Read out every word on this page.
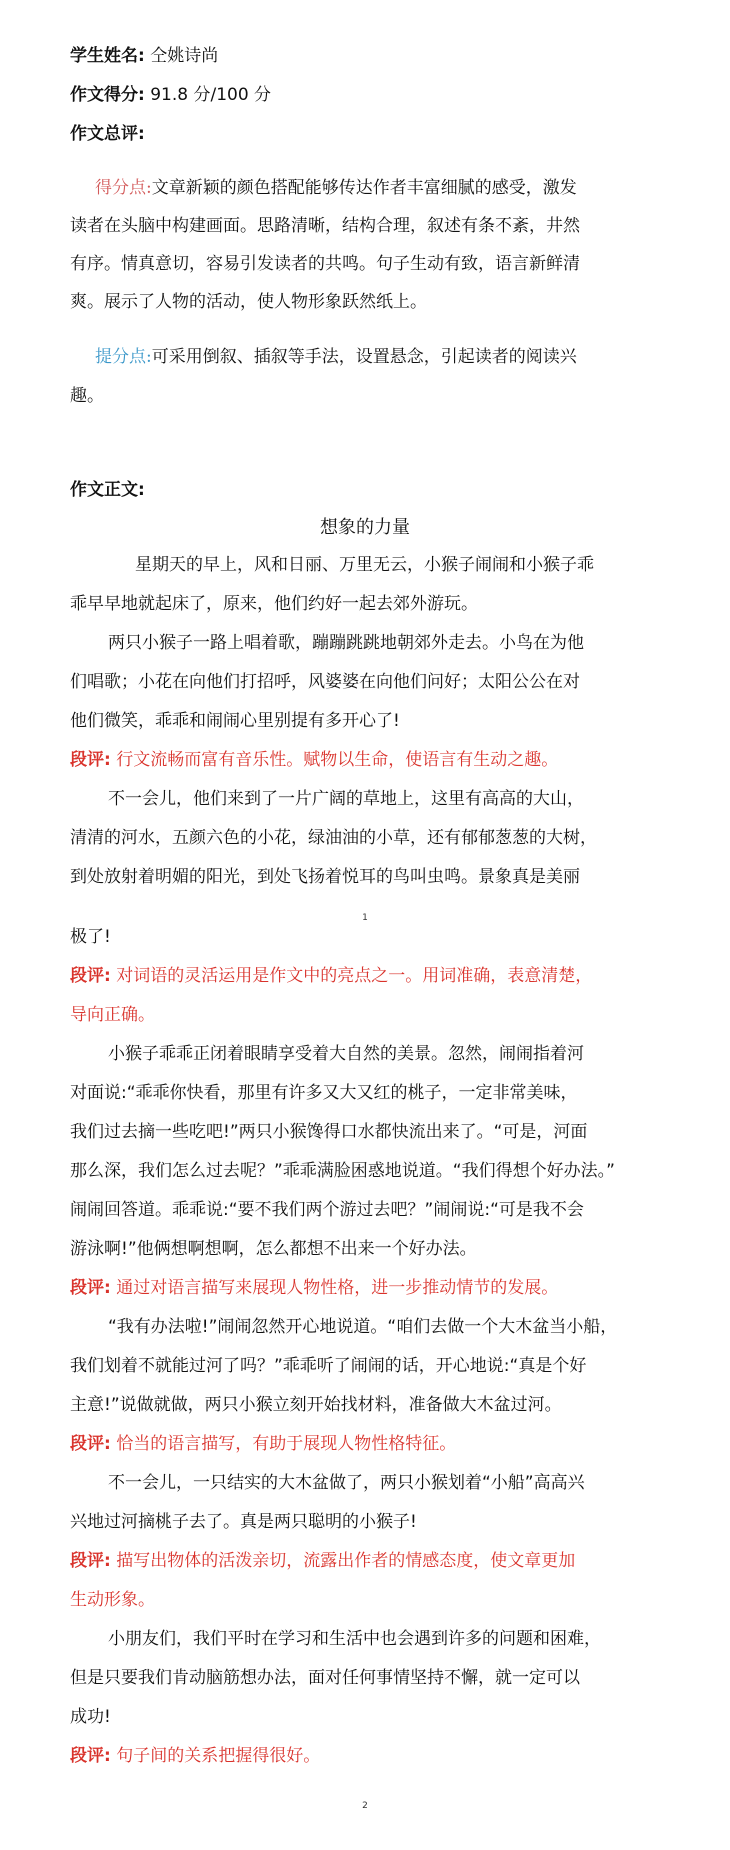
学生姓名: 仝姚诗尚
作文得分: 91.8 分/100 分
作文总评:
得分点:文章新颖的颜色搭配能够传达作者丰富细腻的感受，激发
读者在头脑中构建画面。思路清晰，结构合理，叙述有条不紊，井然
有序。情真意切，容易引发读者的共鸣。句子生动有致，语言新鲜清
爽。展示了人物的活动，使人物形象跃然纸上。
提分点:可采用倒叙、插叙等手法，设置悬念，引起读者的阅读兴
趣。
作文正文:
想象的力量
星期天的早上，风和日丽、万里无云，小猴子闹闹和小猴子乖
乖早早地就起床了，原来，他们约好一起去郊外游玩。
两只小猴子一路上唱着歌，蹦蹦跳跳地朝郊外走去。小鸟在为他
们唱歌；小花在向他们打招呼，风婆婆在向他们问好；太阳公公在对
他们微笑，乖乖和闹闹心里别提有多开心了!
段评: 行文流畅而富有音乐性。赋物以生命，使语言有生动之趣。
不一会儿，他们来到了一片广阔的草地上，这里有高高的大山，
清清的河水，五颜六色的小花，绿油油的小草，还有郁郁葱葱的大树，
到处放射着明媚的阳光，到处飞扬着悦耳的鸟叫虫鸣。景象真是美丽
1
极了!
段评: 对词语的灵活运用是作文中的亮点之一。用词准确，表意清楚，
导向正确。
小猴子乖乖正闭着眼睛享受着大自然的美景。忽然，闹闹指着河
对面说:“乖乖你快看，那里有许多又大又红的桃子，一定非常美味，
我们过去摘一些吃吧!”两只小猴馋得口水都快流出来了。“可是，河面
那么深，我们怎么过去呢？”乖乖满脸困惑地说道。“我们得想个好办法。”
闹闹回答道。乖乖说:“要不我们两个游过去吧？”闹闹说:“可是我不会
游泳啊!”他俩想啊想啊，怎么都想不出来一个好办法。
段评: 通过对语言描写来展现人物性格，进一步推动情节的发展。
“我有办法啦!”闹闹忽然开心地说道。“咱们去做一个大木盆当小船，
我们划着不就能过河了吗？”乖乖听了闹闹的话，开心地说:“真是个好
主意!”说做就做，两只小猴立刻开始找材料，准备做大木盆过河。
段评: 恰当的语言描写，有助于展现人物性格特征。
不一会儿，一只结实的大木盆做了，两只小猴划着“小船”高高兴
兴地过河摘桃子去了。真是两只聪明的小猴子!
段评: 描写出物体的活泼亲切，流露出作者的情感态度，使文章更加
生动形象。
小朋友们，我们平时在学习和生活中也会遇到许多的问题和困难，
但是只要我们肯动脑筋想办法，面对任何事情坚持不懈，就一定可以
成功!
段评: 句子间的关系把握得很好。
2
